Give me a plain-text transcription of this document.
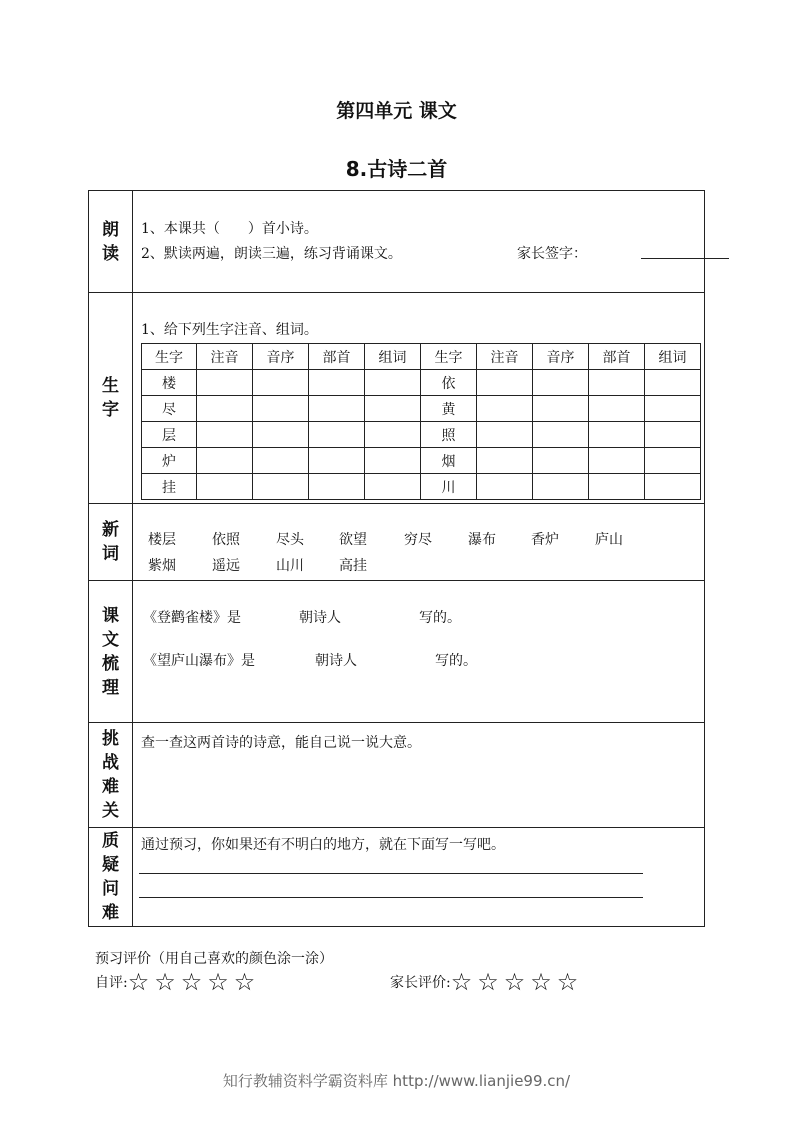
第四单元 课文
8.古诗二首
朗读
1、本课共（　　）首小诗。
2、默读两遍，朗读三遍，练习背诵课文。	家长签字：
生字
1、给下列生字注音、组词。
生字	注音	音序	部首	组词	生字	注音	音序	部首	组词
楼					依				
尽					黄				
层					照				
炉					烟				
挂					川				
新词
楼层	依照	尽头	欲望	穷尽	瀑布	香炉	庐山
紫烟	遥远	山川	高挂
课文梳理
《登鹳雀楼》是	朝诗人	写的。
《望庐山瀑布》是	朝诗人	写的。
挑战难关
查一查这两首诗的诗意，能自己说一说大意。
质疑问难
通过预习，你如果还有不明白的地方，就在下面写一写吧。
预习评价（用自己喜欢的颜色涂一涂）
自评: ☆☆☆☆☆	家长评价: ☆☆☆☆☆
知行教辅资料学霸资料库 http://www.lianjie99.cn/
